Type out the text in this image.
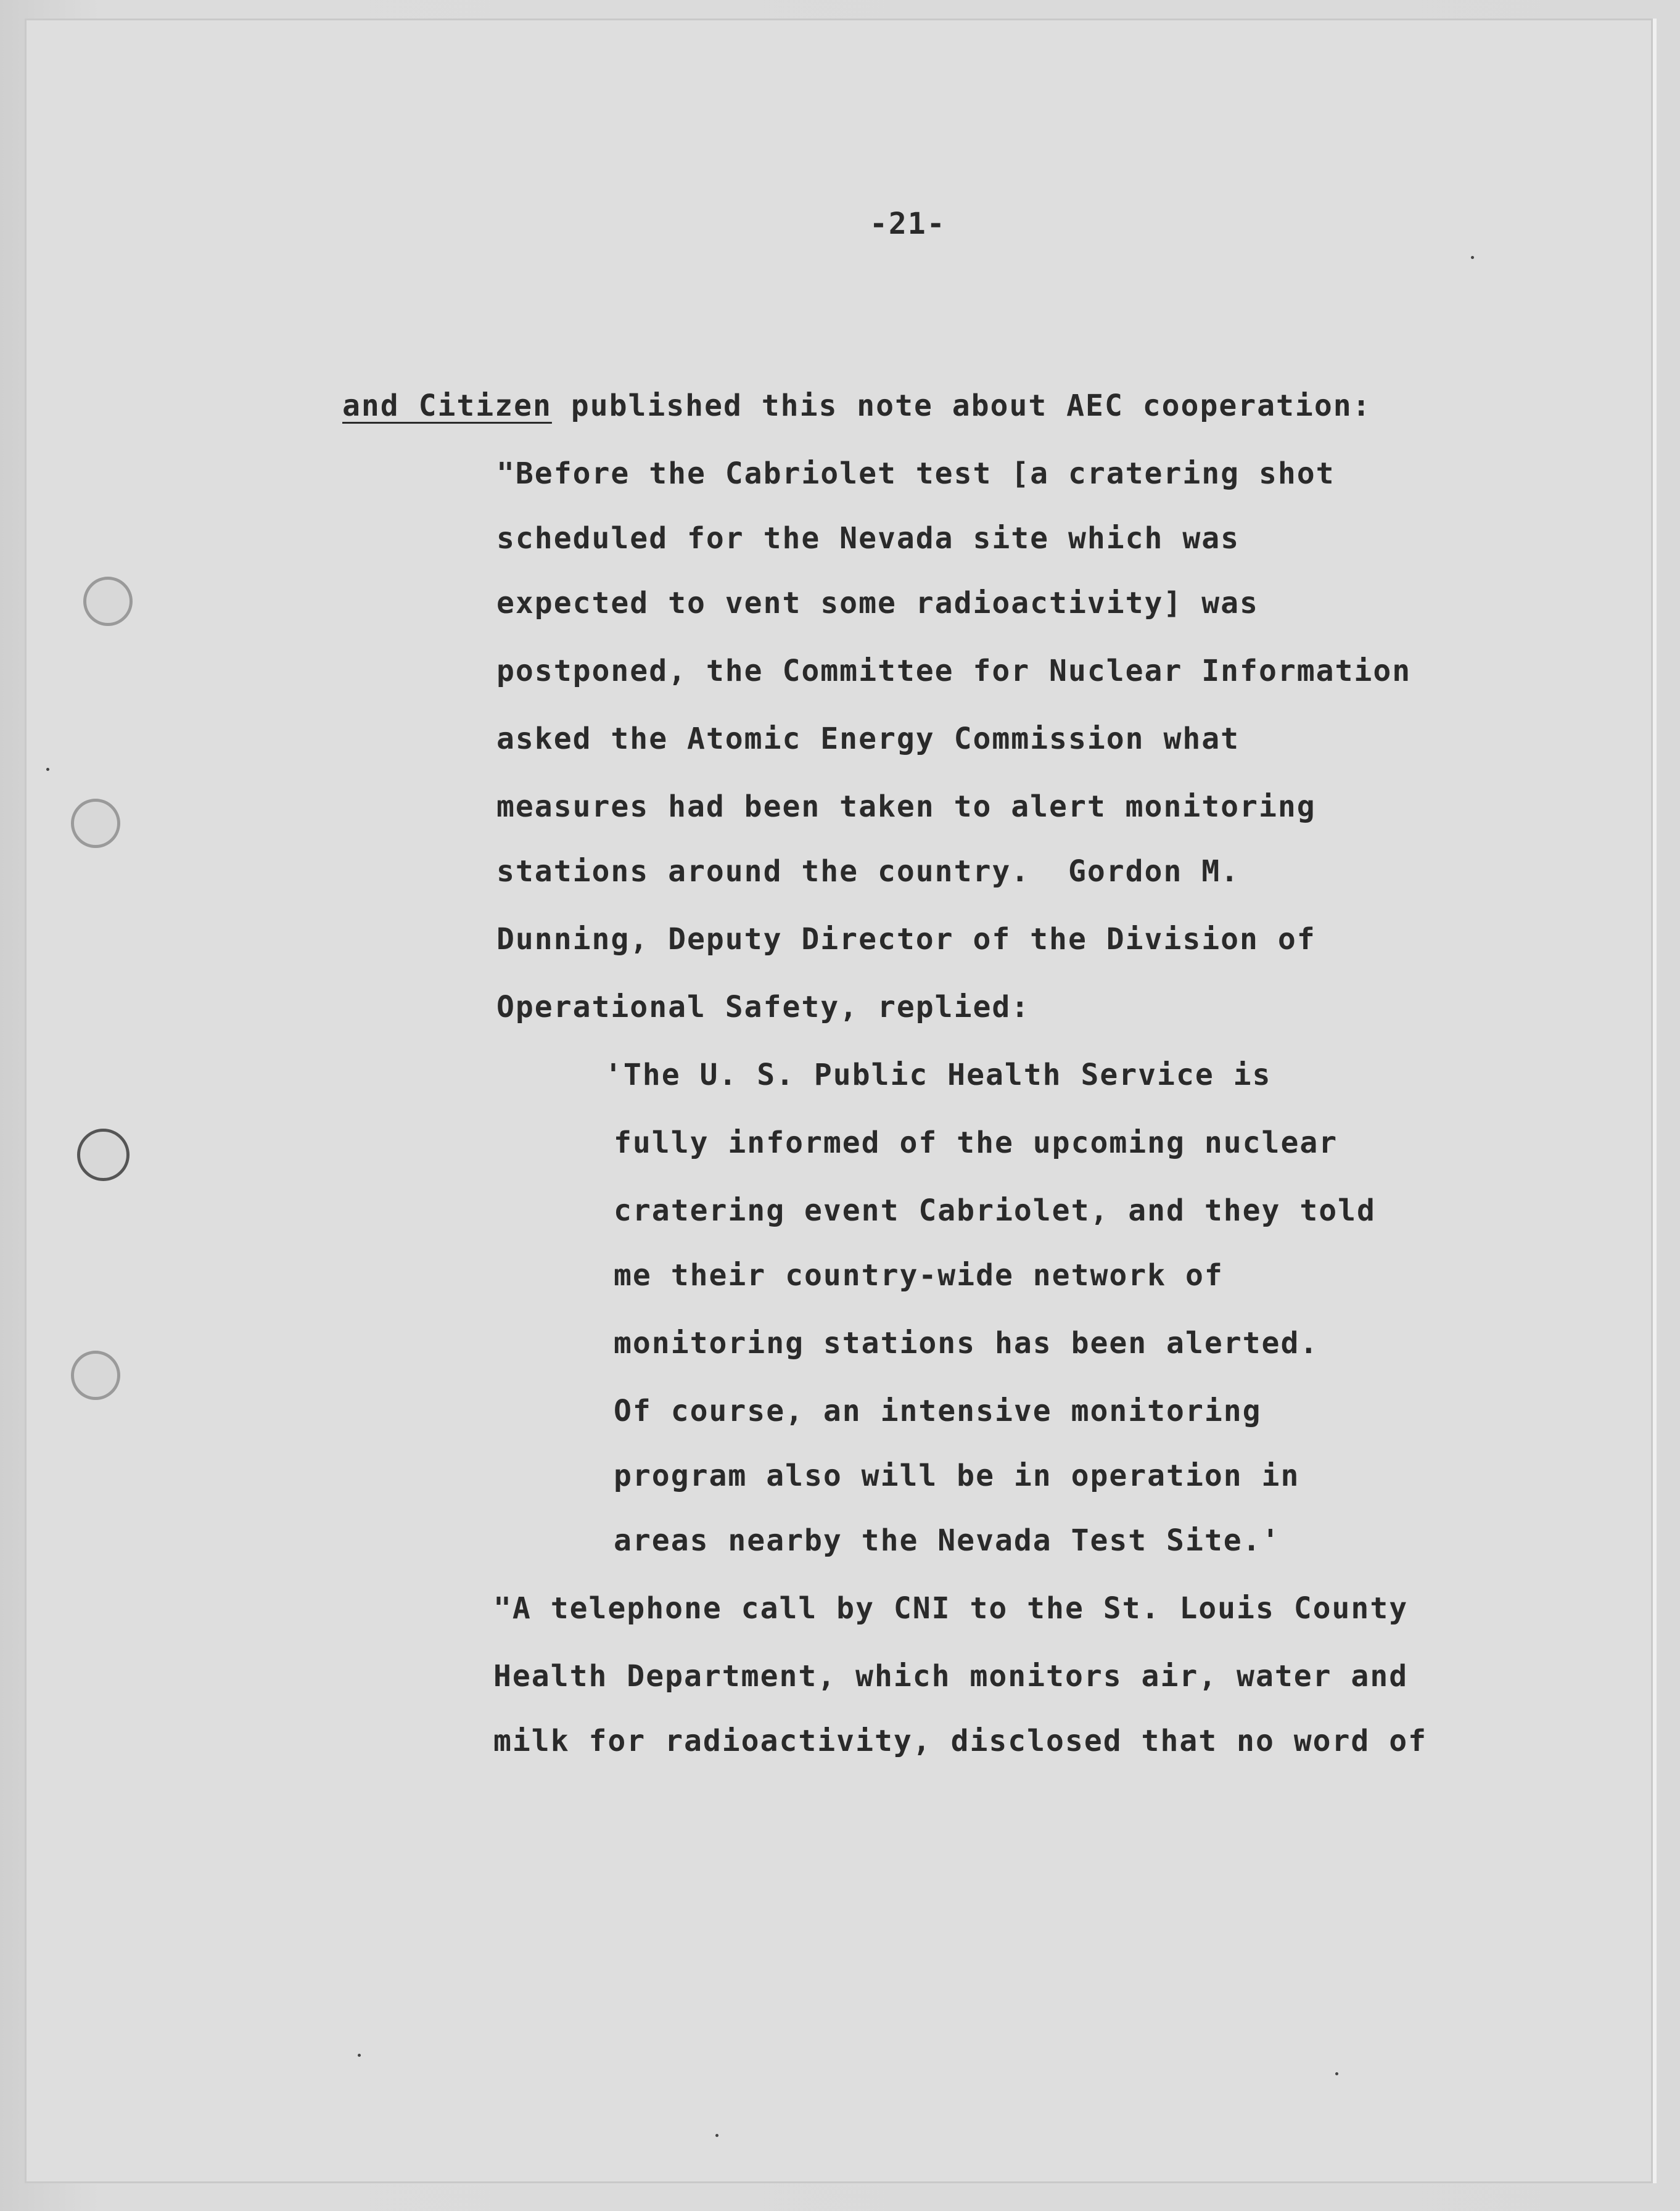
-21-
and Citizen published this note about AEC cooperation:
"Before the Cabriolet test [a cratering shot
scheduled for the Nevada site which was
expected to vent some radioactivity] was
postponed, the Committee for Nuclear Information
asked the Atomic Energy Commission what
measures had been taken to alert monitoring
stations around the country.  Gordon M.
Dunning, Deputy Director of the Division of
Operational Safety, replied:
'The U. S. Public Health Service is
fully informed of the upcoming nuclear
cratering event Cabriolet, and they told
me their country-wide network of
monitoring stations has been alerted.
Of course, an intensive monitoring
program also will be in operation in
areas nearby the Nevada Test Site.'
"A telephone call by CNI to the St. Louis County
Health Department, which monitors air, water and
milk for radioactivity, disclosed that no word of
